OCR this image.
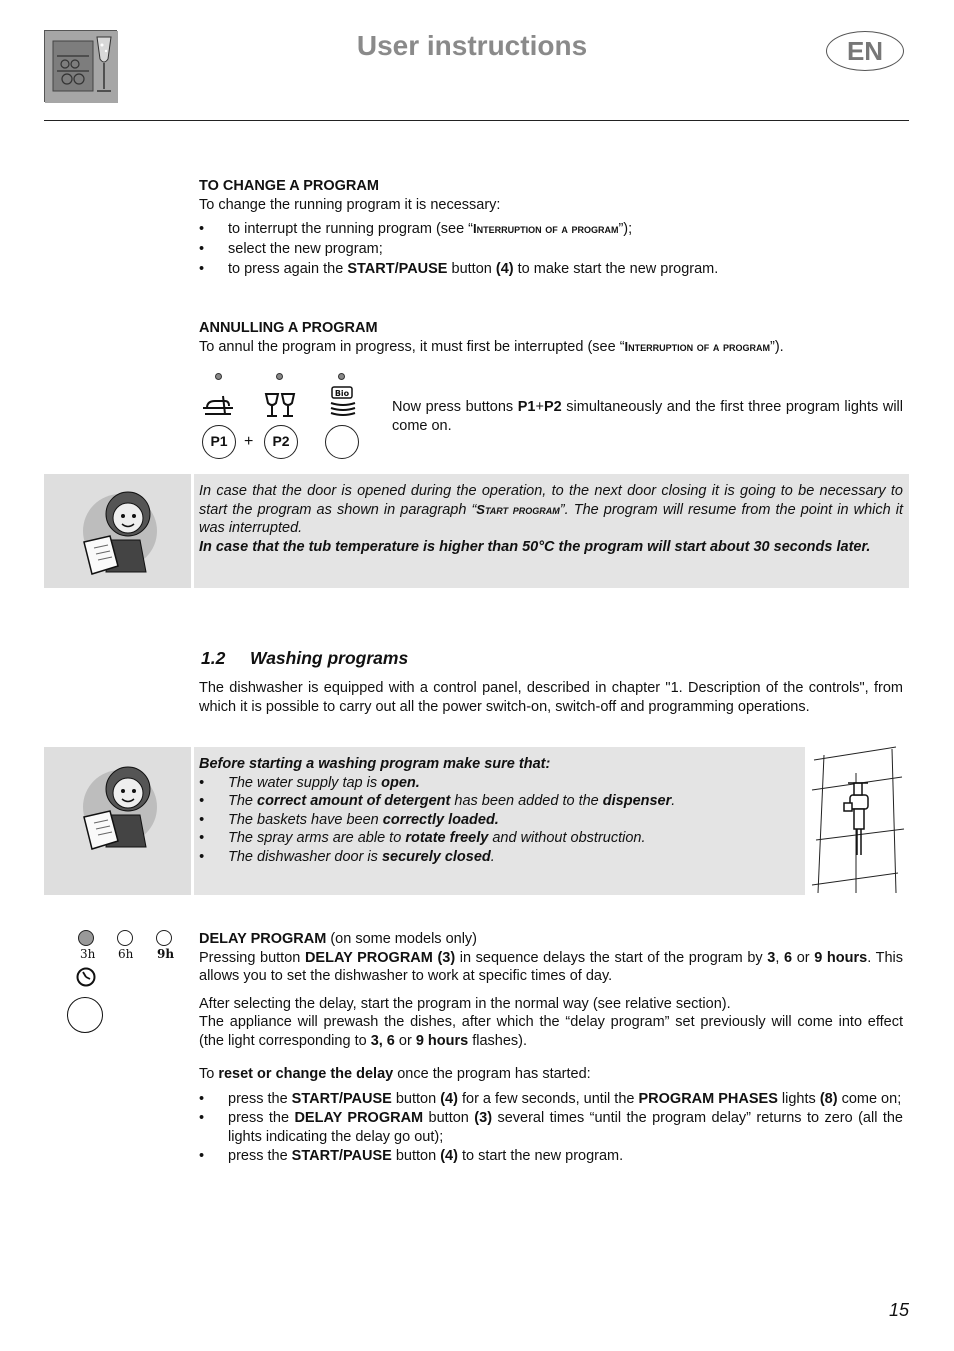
User instructions	EN
TO CHANGE A PROGRAM
To change the running program it is necessary:
• to interrupt the running program (see “Interruption of a program”);
• select the new program;
• to press again the START/PAUSE button (4) to make start the new program.
ANNULLING A PROGRAM
To annul the program in progress, it must first be interrupted (see “Interruption of a program”).
Bio
P1	+	P2
Now press buttons P1+P2 simultaneously and the first three program lights will come on.
In case that the door is opened during the operation, to the next door closing it is going to be necessary to start the program as shown in paragraph “Start program”. The program will resume from the point in which it was interrupted.
In case that the tub temperature is higher than 50°C the program will start about 30 seconds later.
1.2 Washing programs
The dishwasher is equipped with a control panel, described in chapter "1. Description of the controls", from which it is possible to carry out all the power switch-on, switch-off and programming operations.
Before starting a washing program make sure that:
• The water supply tap is open.
• The correct amount of detergent has been added to the dispenser.
• The baskets have been correctly loaded.
• The spray arms are able to rotate freely and without obstruction.
• The dishwasher door is securely closed.
3h 6h 9h
DELAY PROGRAM (on some models only)
Pressing button DELAY PROGRAM (3) in sequence delays the start of the program by 3, 6 or 9 hours. This allows you to set the dishwasher to work at specific times of day.
After selecting the delay, start the program in the normal way (see relative section).
The appliance will prewash the dishes, after which the “delay program” set previously will come into effect (the light corresponding to 3, 6 or 9 hours flashes).
To reset or change the delay once the program has started:
• press the START/PAUSE button (4) for a few seconds, until the PROGRAM PHASES lights (8) come on;
• press the DELAY PROGRAM button (3) several times “until the program delay” returns to zero (all the lights indicating the delay go out);
• press the START/PAUSE button (4) to start the new program.
15
